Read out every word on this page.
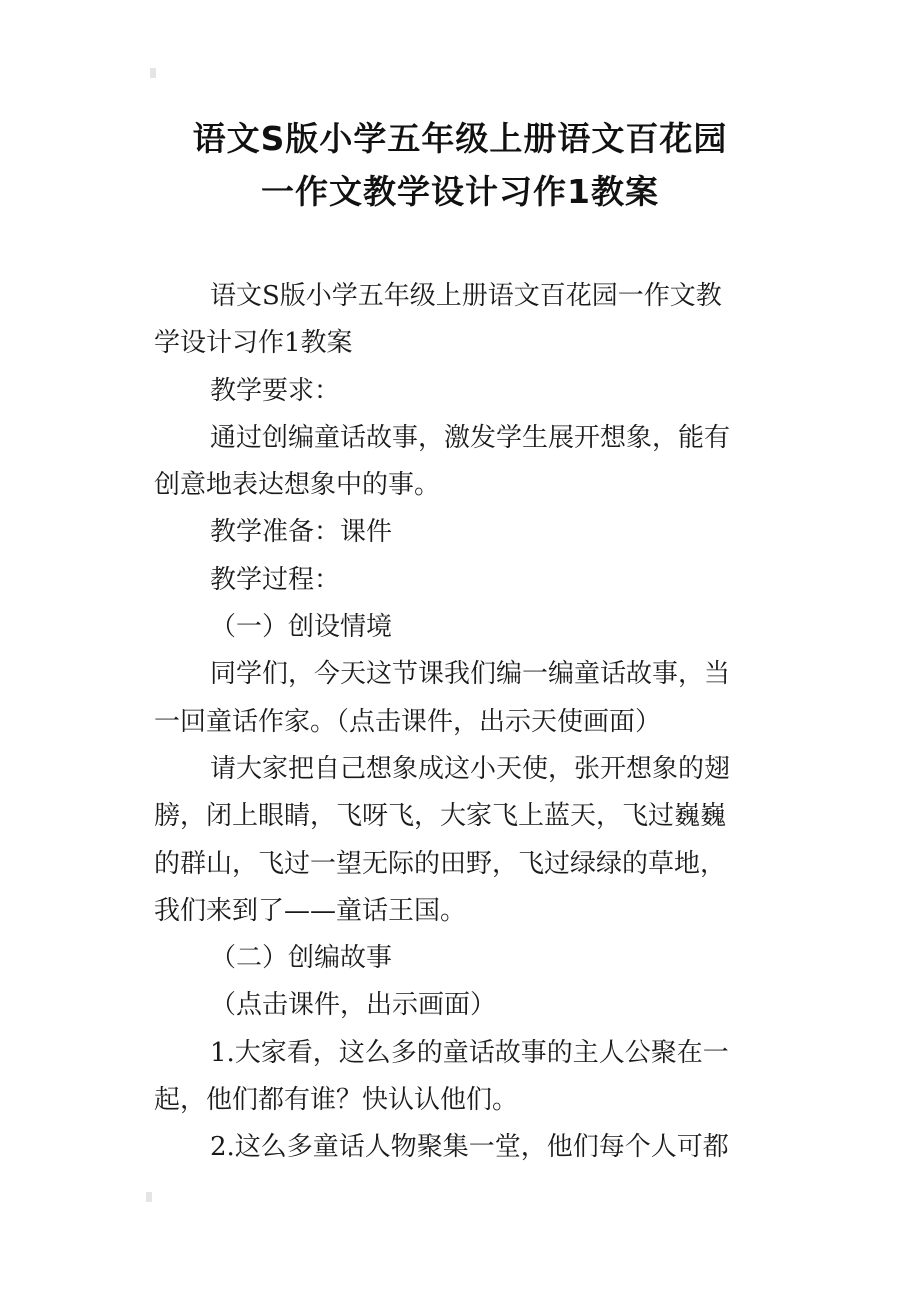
语文S版小学五年级上册语文百花园
一作文教学设计习作1教案

语文S版小学五年级上册语文百花园一作文教

学设计习作1教案

教学要求：

通过创编童话故事，激发学生展开想象，能有

创意地表达想象中的事。

教学准备：课件

教学过程：

（一）创设情境

同学们，今天这节课我们编一编童话故事，当

一回童话作家。（点击课件，出示天使画面）

请大家把自己想象成这小天使，张开想象的翅

膀，闭上眼睛，飞呀飞，大家飞上蓝天，飞过巍巍

的群山，飞过一望无际的田野，飞过绿绿的草地，

我们来到了——童话王国。

（二）创编故事

（点击课件，出示画面）

1.大家看，这么多的童话故事的主人公聚在一

起，他们都有谁？快认认他们。

2.这么多童话人物聚集一堂，他们每个人可都
